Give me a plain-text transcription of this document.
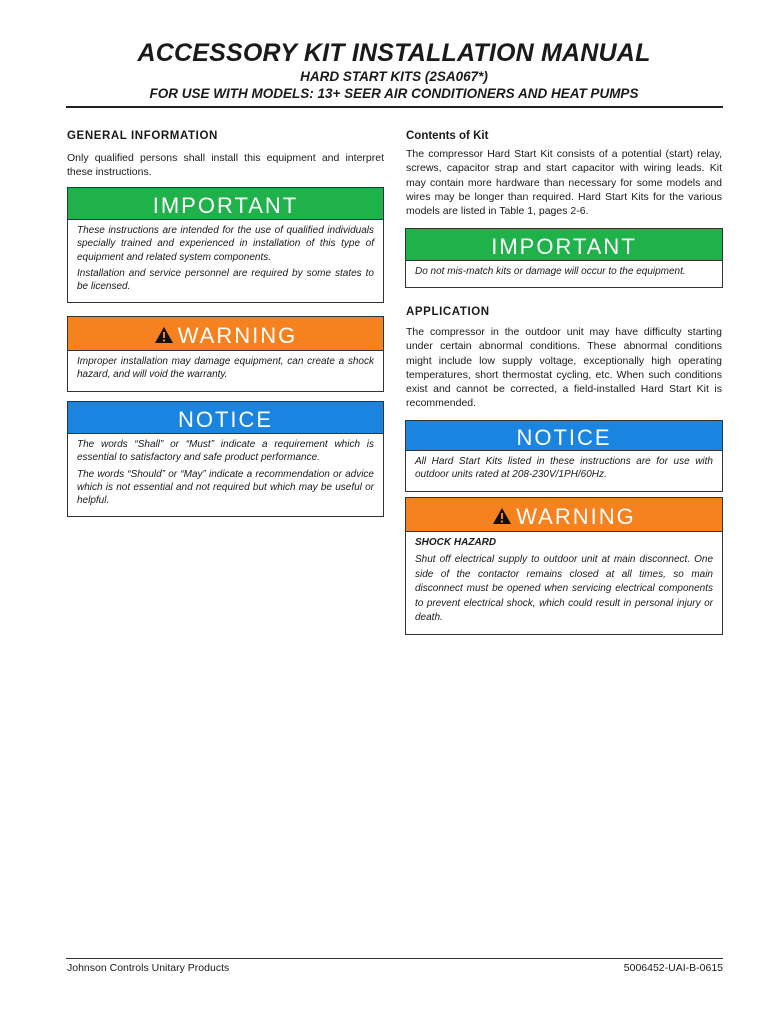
ACCESSORY KIT INSTALLATION MANUAL
HARD START KITS (2SA067*)
FOR USE WITH MODELS: 13+ SEER AIR CONDITIONERS AND HEAT PUMPS
GENERAL INFORMATION
Only qualified persons shall install this equipment and interpret these instructions.
IMPORTANT

These instructions are intended for the use of qualified individuals specially trained and experienced in installation of this type of equipment and related system components.

Installation and service personnel are required by some states to be licensed.

WARNING

Improper installation may damage equipment, can create a shock hazard, and will void the warranty.

NOTICE

The words “Shall” or “Must” indicate a requirement which is essential to satisfactory and safe product performance.

The words “Should” or “May” indicate a recommendation or advice which is not essential and not required but which may be useful or helpful.

Contents of Kit
The compressor Hard Start Kit consists of a potential (start) relay, screws, capacitor strap and start capacitor with wiring leads. Kit may contain more hardware than necessary for some models and wires may be longer than required. Hard Start Kits for the various models are listed in Table 1, pages 2-6.
IMPORTANT

Do not mis-match kits or damage will occur to the equipment.

APPLICATION
The compressor in the outdoor unit may have difficulty starting under certain abnormal conditions. These abnormal conditions might include low supply voltage, exceptionally high operating temperatures, short thermostat cycling, etc. When such conditions exist and cannot be corrected, a field-installed Hard Start Kit is recommended.
NOTICE

All Hard Start Kits listed in these instructions are for use with outdoor units rated at 208-230V/1PH/60Hz.

WARNING

SHOCK HAZARD

Shut off electrical supply to outdoor unit at main disconnect. One side of the contactor remains closed at all times, so main disconnect must be opened when servicing electrical components to prevent electrical shock, which could result in personal injury or death.

Johnson Controls Unitary Products	5006452-UAI-B-0615
